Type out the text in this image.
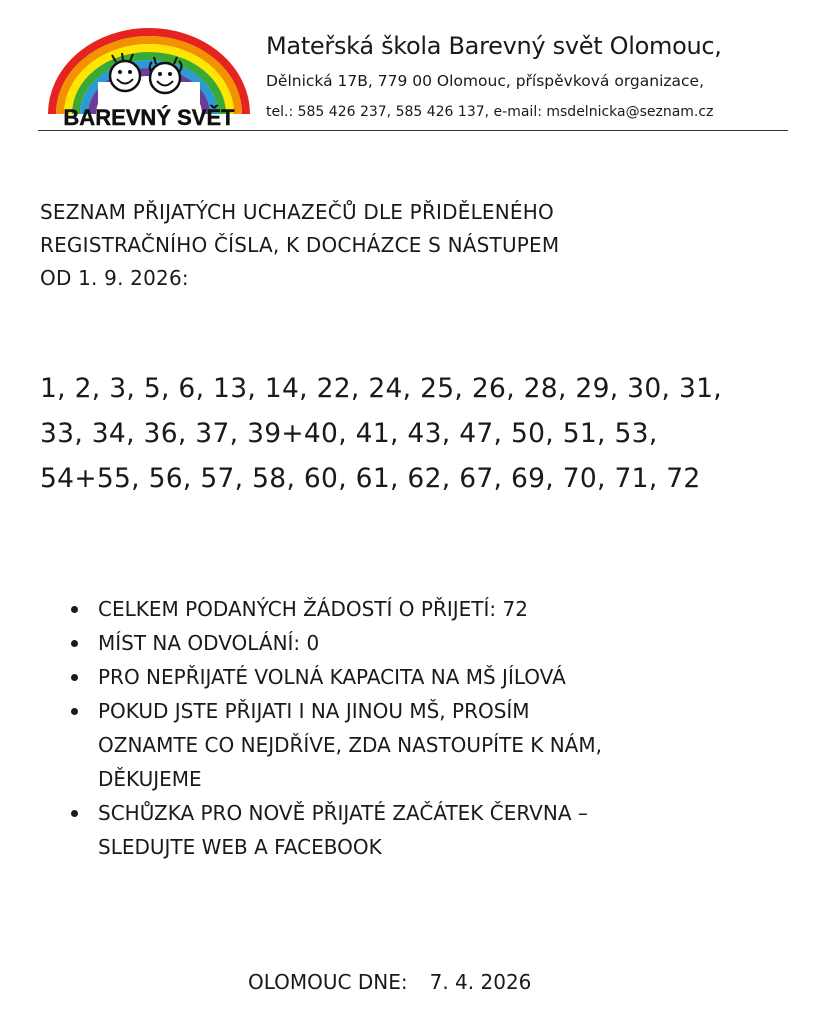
BAREVNÝ SVĚT
Mateřská škola Barevný svět Olomouc,
Dělnická 17B, 779 00 Olomouc, příspěvková organizace,
tel.: 585 426 237, 585 426 137, e-mail: msdelnicka@seznam.cz
SEZNAM PŘIJATÝCH UCHAZEČŮ DLE PŘIDĚLENÉHO
REGISTRAČNÍHO ČÍSLA, K DOCHÁZCE S NÁSTUPEM
OD 1. 9. 2026:
1, 2, 3, 5, 6, 13, 14, 22, 24, 25, 26, 28, 29, 30, 31,
33, 34, 36, 37, 39+40, 41, 43, 47, 50, 51, 53,
54+55, 56, 57, 58, 60, 61, 62, 67, 69, 70, 71, 72
CELKEM PODANÝCH ŽÁDOSTÍ O PŘIJETÍ: 72
MÍST NA ODVOLÁNÍ: 0
PRO NEPŘIJATÉ VOLNÁ KAPACITA NA MŠ JÍLOVÁ
POKUD JSTE PŘIJATI I NA JINOU MŠ, PROSÍM
OZNAMTE CO NEJDŘÍVE, ZDA NASTOUPÍTE K NÁM,
DĚKUJEME
SCHŮZKA PRO NOVĚ PŘIJATÉ ZAČÁTEK ČERVNA –
SLEDUJTE WEB A FACEBOOK
OLOMOUC DNE: 7. 4. 2026
